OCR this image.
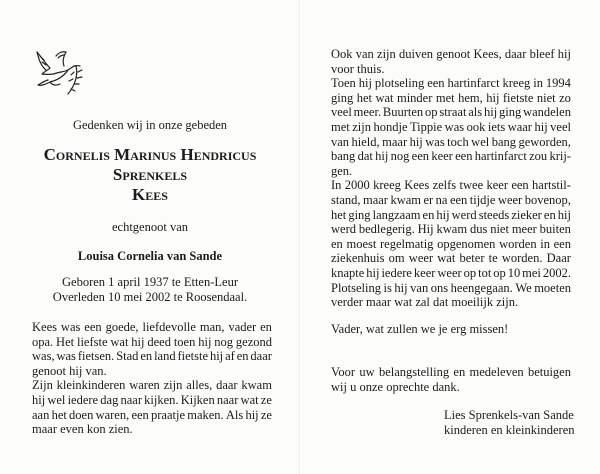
Gedenken wij in onze gebeden
Cornelis Marinus Hendricus
Sprenkels
Kees
echtgenoot van
Louisa Cornelia van Sande
Geboren 1 april 1937 te Etten-Leur
Overleden 10 mei 2002 te Roosendaal.
Kees was een goede, liefdevolle man, vader en
opa. Het liefste wat hij deed toen hij nog gezond
was, was fietsen. Stad en land fietste hij af en daar
genoot hij van.
Zijn kleinkinderen waren zijn alles, daar kwam
hij wel iedere dag naar kijken. Kijken naar wat ze
aan het doen waren, een praatje maken. Als hij ze
maar even kon zien.
Ook van zijn duiven genoot Kees, daar bleef hij
voor thuis.
Toen hij plotseling een hartinfarct kreeg in 1994
ging het wat minder met hem, hij fietste niet zo
veel meer. Buurten op straat als hij ging wandelen
met zijn hondje Tippie was ook iets waar hij veel
van hield, maar hij was toch wel bang geworden,
bang dat hij nog een keer een hartinfarct zou krij-
gen.
In 2000 kreeg Kees zelfs twee keer een hartstil-
stand, maar kwam er na een tijdje weer bovenop,
het ging langzaam en hij werd steeds zieker en hij
werd bedlegerig. Hij kwam dus niet meer buiten
en moest regelmatig opgenomen worden in een
ziekenhuis om weer wat beter te worden. Daar
knapte hij iedere keer weer op tot op 10 mei 2002.
Plotseling is hij van ons heengegaan. We moeten
verder maar wat zal dat moeilijk zijn.
Vader, wat zullen we je erg missen!
Voor uw belangstelling en medeleven betuigen
wij u onze oprechte dank.
Lies Sprenkels-van Sande
kinderen en kleinkinderen
